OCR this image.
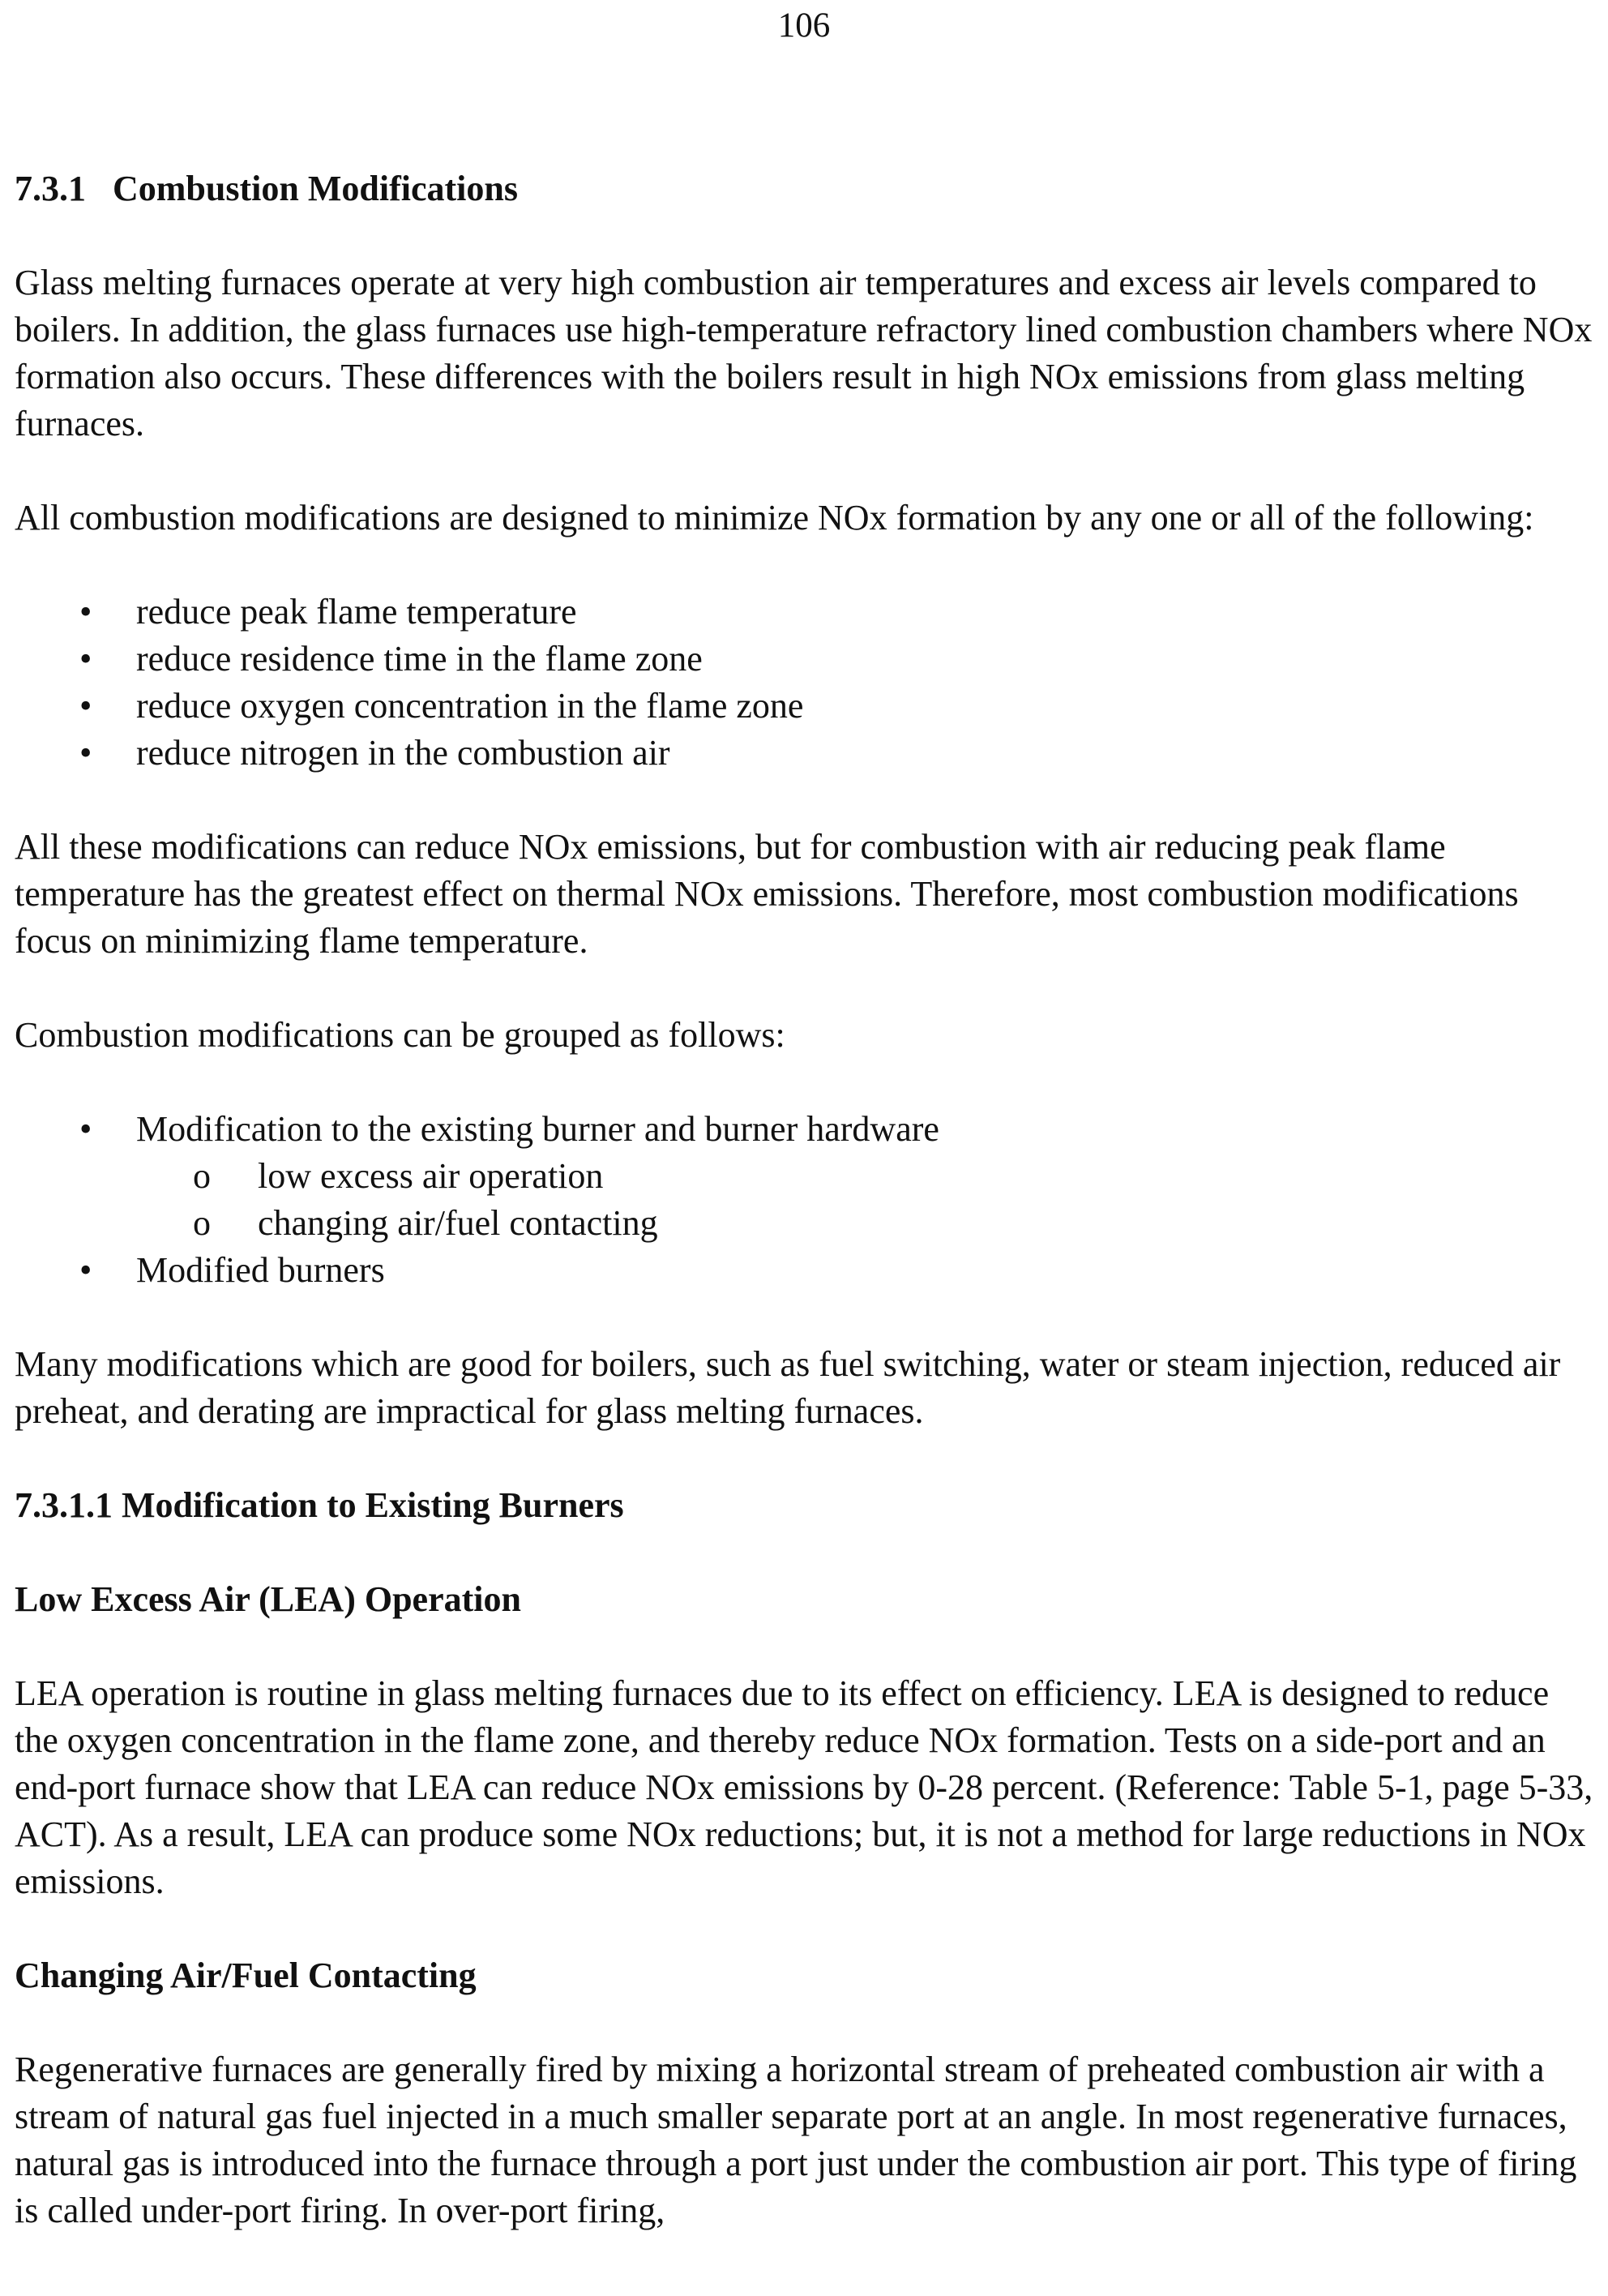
106
7.3.1   Combustion Modifications

Glass melting furnaces operate at very high combustion air temperatures and excess air levels compared to boilers. In addition, the glass furnaces use high-temperature refractory lined combustion chambers where NOx formation also occurs. These differences with the boilers result in high NOx emissions from glass melting furnaces.

All combustion modifications are designed to minimize NOx formation by any one or all of the following:

•	reduce peak flame temperature
•	reduce residence time in the flame zone
•	reduce oxygen concentration in the flame zone
•	reduce nitrogen in the combustion air

All these modifications can reduce NOx emissions, but for combustion with air reducing peak flame temperature has the greatest effect on thermal NOx emissions. Therefore, most combustion modifications focus on minimizing flame temperature.

Combustion modifications can be grouped as follows:

•	Modification to the existing burner and burner hardware
o low excess air operation
o changing air/fuel contacting
•	Modified burners

Many modifications which are good for boilers, such as fuel switching, water or steam injection, reduced air preheat, and derating are impractical for glass melting furnaces.

7.3.1.1 Modification to Existing Burners
Low Excess Air (LEA) Operation

LEA operation is routine in glass melting furnaces due to its effect on efficiency. LEA is designed to reduce the oxygen concentration in the flame zone, and thereby reduce NOx formation. Tests on a side-port and an end-port furnace show that LEA can reduce NOx emissions by 0-28 percent. (Reference: Table 5-1, page 5-33, ACT). As a result, LEA can produce some NOx reductions; but, it is not a method for large reductions in NOx emissions.

Changing Air/Fuel Contacting

Regenerative furnaces are generally fired by mixing a horizontal stream of preheated combustion air with a stream of natural gas fuel injected in a much smaller separate port at an angle. In most regenerative furnaces, natural gas is introduced into the furnace through a port just under the combustion air port. This type of firing is called under-port firing. In over-port firing,
